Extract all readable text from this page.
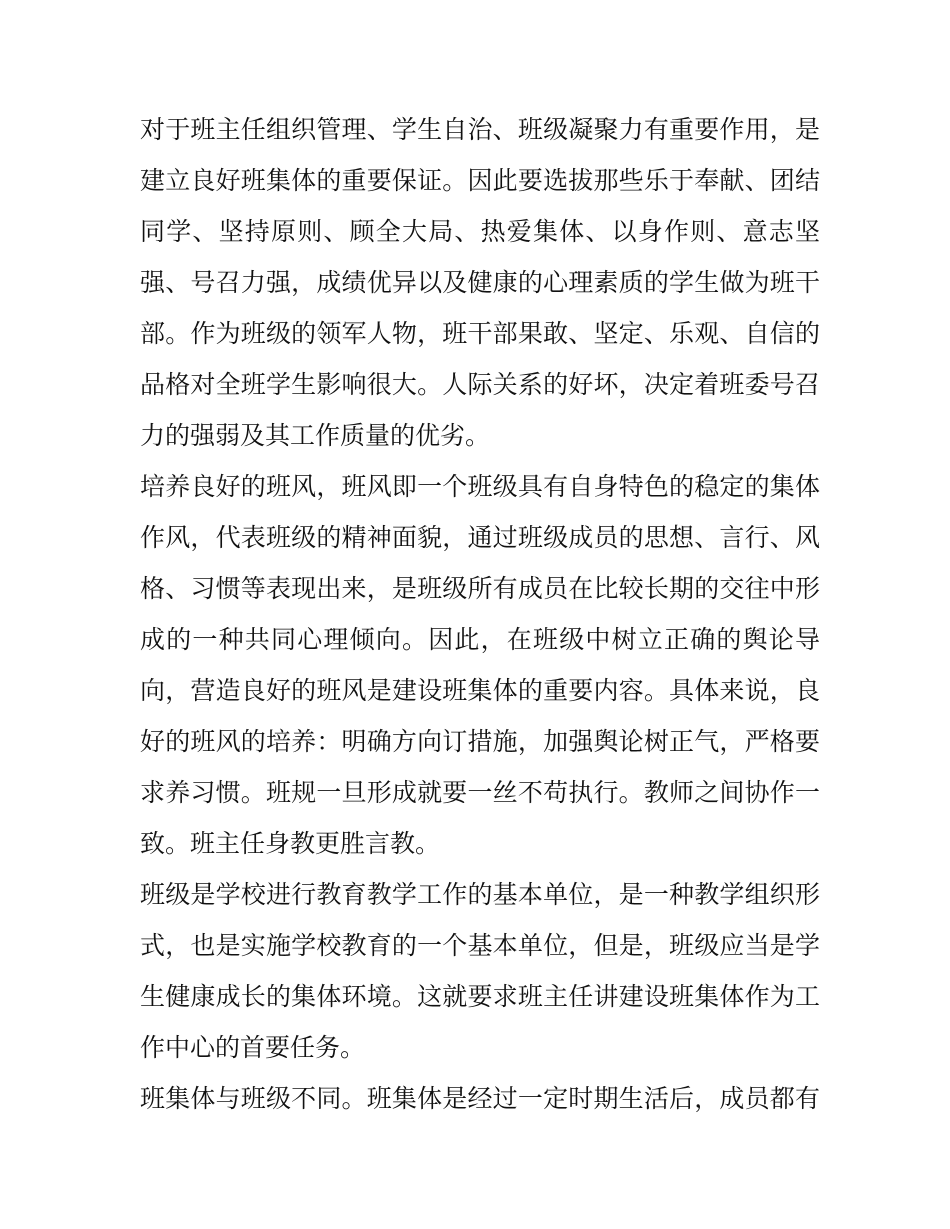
对于班主任组织管理、学生自治、班级凝聚力有重要作用，是
建立良好班集体的重要保证。因此要选拔那些乐于奉献、团结
同学、坚持原则、顾全大局、热爱集体、以身作则、意志坚
强、号召力强，成绩优异以及健康的心理素质的学生做为班干
部。作为班级的领军人物，班干部果敢、坚定、乐观、自信的
品格对全班学生影响很大。人际关系的好坏，决定着班委号召
力的强弱及其工作质量的优劣。
培养良好的班风，班风即一个班级具有自身特色的稳定的集体
作风，代表班级的精神面貌，通过班级成员的思想、言行、风
格、习惯等表现出来，是班级所有成员在比较长期的交往中形
成的一种共同心理倾向。因此，在班级中树立正确的舆论导
向，营造良好的班风是建设班集体的重要内容。具体来说，良
好的班风的培养：明确方向订措施，加强舆论树正气，严格要
求养习惯。班规一旦形成就要一丝不苟执行。教师之间协作一
致。班主任身教更胜言教。
班级是学校进行教育教学工作的基本单位，是一种教学组织形
式，也是实施学校教育的一个基本单位，但是，班级应当是学
生健康成长的集体环境。这就要求班主任讲建设班集体作为工
作中心的首要任务。
班集体与班级不同。班集体是经过一定时期生活后，成员都有
